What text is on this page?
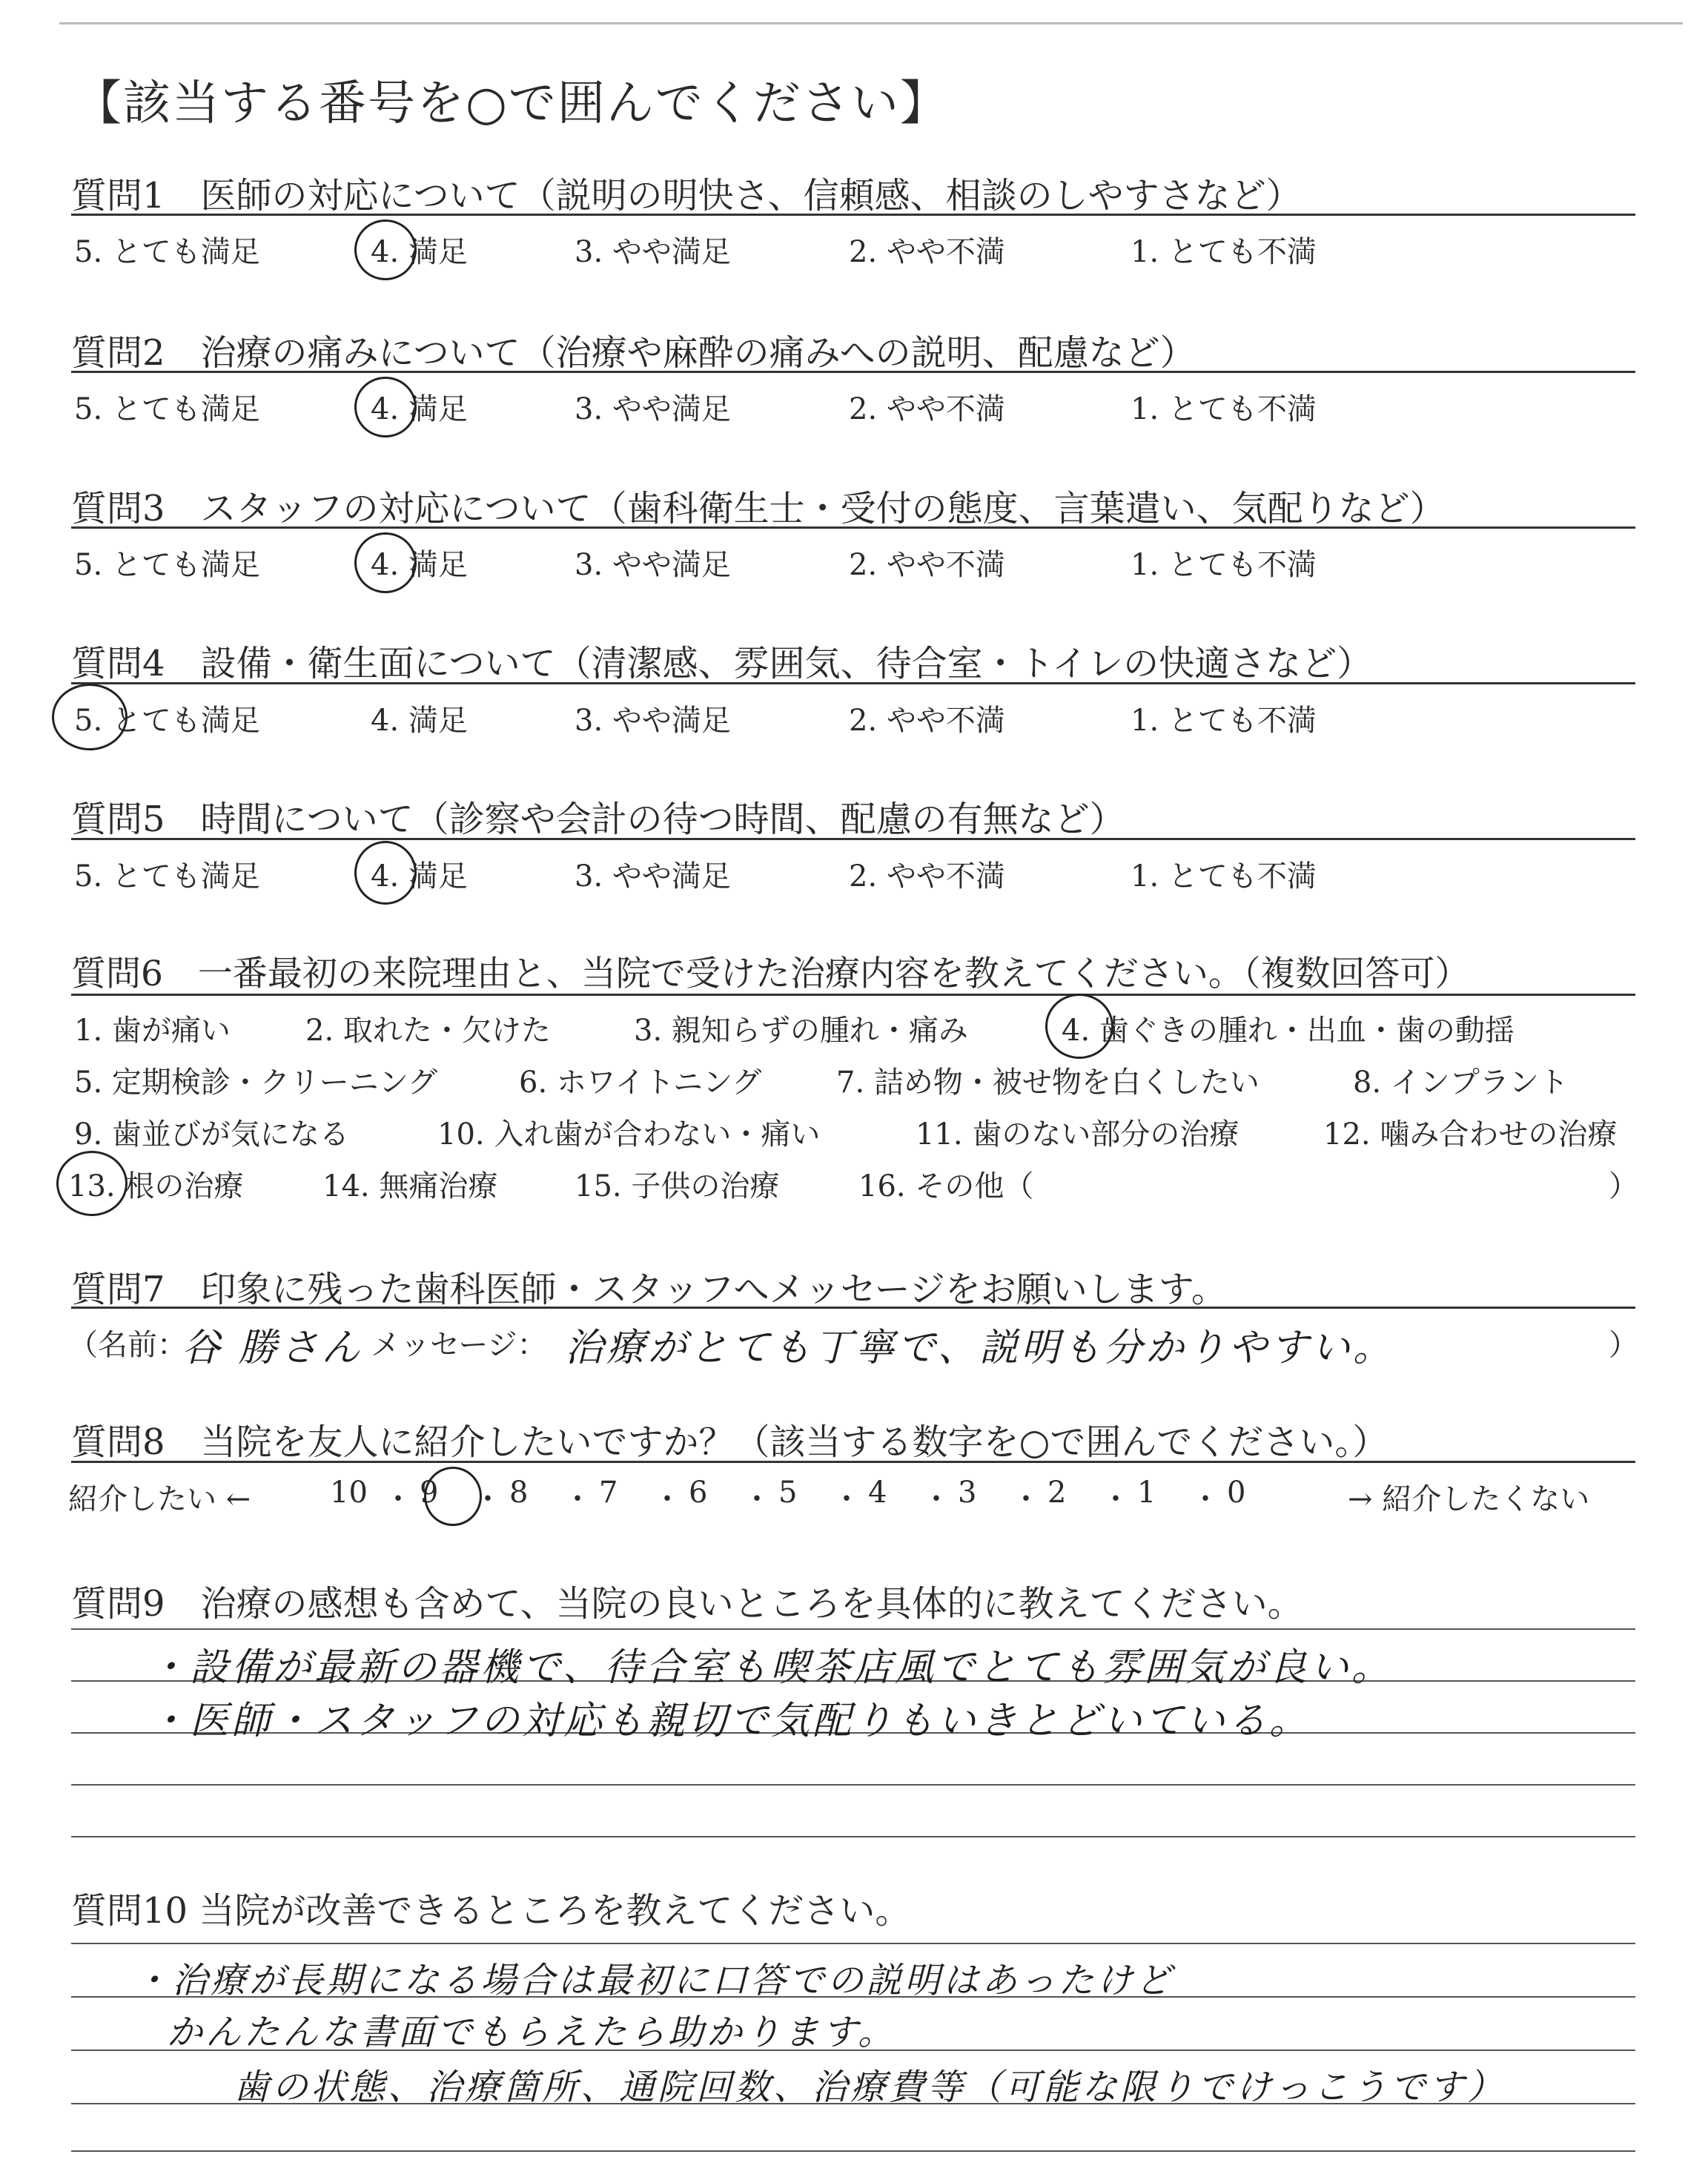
【該当する番号を○で囲んでください】
質問1　医師の対応について（説明の明快さ、信頼感、相談のしやすさなど）
5. とても満足	4. 満足	3. やや満足	2. やや不満	1. とても不満
質問2　治療の痛みについて（治療や麻酔の痛みへの説明、配慮など）
5. とても満足	4. 満足	3. やや満足	2. やや不満	1. とても不満
質問3　スタッフの対応について（歯科衛生士・受付の態度、言葉遣い、気配りなど）
5. とても満足	4. 満足	3. やや満足	2. やや不満	1. とても不満
質問4　設備・衛生面について（清潔感、雰囲気、待合室・トイレの快適さなど）
5. とても満足	4. 満足	3. やや満足	2. やや不満	1. とても不満
質問5　時間について（診察や会計の待つ時間、配慮の有無など）
5. とても満足	4. 満足	3. やや満足	2. やや不満	1. とても不満
質問6　一番最初の来院理由と、当院で受けた治療内容を教えてください。（複数回答可）
1. 歯が痛い	2. 取れた・欠けた	3. 親知らずの腫れ・痛み	4. 歯ぐきの腫れ・出血・歯の動揺
5. 定期検診・クリーニング	6. ホワイトニング	7. 詰め物・被せ物を白くしたい	8. インプラント
9. 歯並びが気になる	10. 入れ歯が合わない・痛い	11. 歯のない部分の治療	12. 噛み合わせの治療
13. 根の治療	14. 無痛治療	15. 子供の治療	16. その他（	）
質問7　印象に残った歯科医師・スタッフへメッセージをお願いします。
（名前：
谷 勝さん メッセージ： 治療がとても丁寧で、説明も分かりやすい。	）
質問8　当院を友人に紹介したいですか？（該当する数字を○で囲んでください。）
紹介したい ←	10 ・ 9 ・ 8 ・ 7 ・ 6 ・ 5 ・ 4 ・ 3 ・ 2 ・ 1 ・ 0	→ 紹介したくない
質問9　治療の感想も含めて、当院の良いところを具体的に教えてください。
・設備が最新の器機で、待合室も喫茶店風でとても雰囲気が良い。
・医師・スタッフの対応も親切で気配りもいきとどいている。
質問10 当院が改善できるところを教えてください。
・治療が長期になる場合は最初に口答での説明はあったけど
かんたんな書面でもらえたら助かります。
歯の状態、治療箇所、通院回数、治療費等（可能な限りでけっこうです）
